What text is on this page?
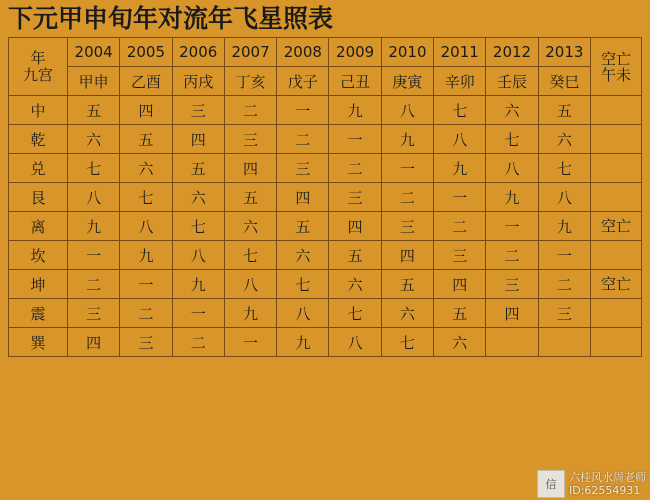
下元甲申旬年对流年飞星照表
年
九宫
	2004	2005	2006	2007	2008	2009	2010	2011	2012	2013	空亡
午未

	甲申	乙酉	丙戌	丁亥	戊子	己丑	庚寅	辛卯	壬辰	癸巳	
中	五	四	三	二	一	九	八	七	六	五	
乾	六	五	四	三	二	一	九	八	七	六	
兑	七	六	五	四	三	二	一	九	八	七	
艮	八	七	六	五	四	三	二	一	九	八	
离	九	八	七	六	五	四	三	二	一	九	空亡
坎	一	九	八	七	六	五	四	三	二	一	
坤	二	一	九	八	七	六	五	四	三	二	空亡
震	三	二	一	九	八	七	六	五	四	三	
巽	四	三	二	一	九	八	七	六			
信
六桂风水周老师
ID:62554931
